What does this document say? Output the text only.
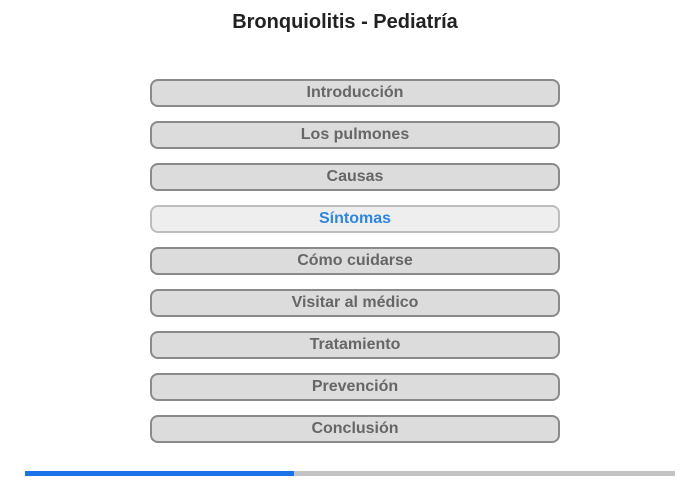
Bronquiolitis - Pediatría
Introducción
Los pulmones
Causas
Síntomas
Cómo cuidarse
Visitar al médico
Tratamiento
Prevención
Conclusión
